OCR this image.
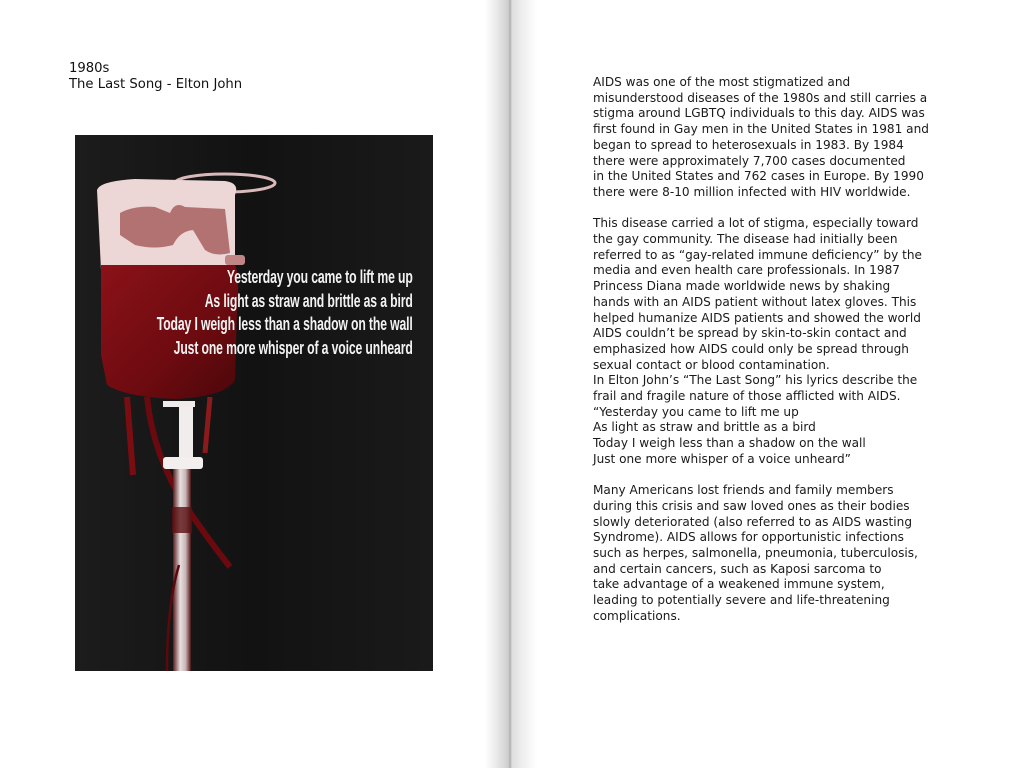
1980s
The Last Song - Elton John
Yesterday you came to lift me up
As light as straw and brittle as a bird
Today I weigh less than a shadow on the wall
Just one more whisper of a voice unheard

AIDS was one of the most stigmatized and

misunderstood diseases of the 1980s and still carries a

stigma around LGBTQ individuals to this day. AIDS was

first found in Gay men in the United States in 1981 and

began to spread to heterosexuals in 1983. By 1984

there were approximately 7,700 cases documented

in the United States and 762 cases in Europe. By 1990

there were 8-10 million infected with HIV worldwide.

This disease carried a lot of stigma, especially toward

the gay community. The disease had initially been

referred to as “gay-related immune deficiency” by the

media and even health care professionals. In 1987

Princess Diana made worldwide news by shaking

hands with an AIDS patient without latex gloves. This

helped humanize AIDS patients and showed the world

AIDS couldn’t be spread by skin-to-skin contact and

emphasized how AIDS could only be spread through

sexual contact or blood contamination.

In Elton John’s “The Last Song” his lyrics describe the

frail and fragile nature of those afflicted with AIDS.

“Yesterday you came to lift me up

As light as straw and brittle as a bird

Today I weigh less than a shadow on the wall

Just one more whisper of a voice unheard”

Many Americans lost friends and family members

during this crisis and saw loved ones as their bodies

slowly deteriorated (also referred to as AIDS wasting

Syndrome). AIDS allows for opportunistic infections

such as herpes, salmonella, pneumonia, tuberculosis,

and certain cancers, such as Kaposi sarcoma to

take advantage of a weakened immune system,

leading to potentially severe and life-threatening

complications.
